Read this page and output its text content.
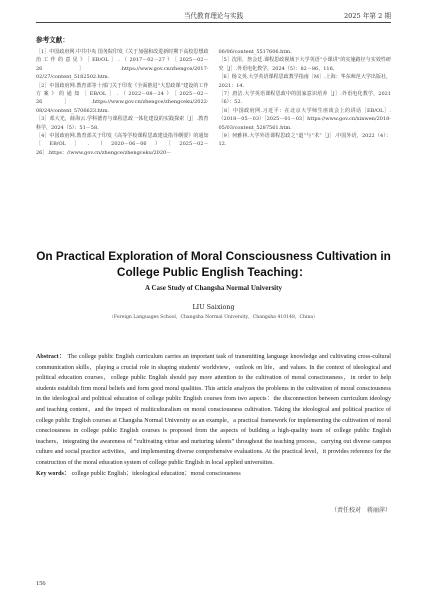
当代教育理论与实践	2025 年第 2 期
参考文献：
［1］中国政府网.中共中央 国务院印发《关于加强和改进新时期下高校思想政治工作的意见》［EB/OL］.（2017－02－27）［2025－02－26］.https://www.gov.cn/zhengce/2017-02/27/content_5182502.htm.
［2］中国政府网.教育部等十部门关于印发《全面推进“大思政课”建设的工作方案》的通知［EB/OL］.（2022－08－24）［2025－02－26］.https://www.gov.cn/zhengce/zhengceku/2022-08/24/content_5706623.htm.
［3］邓大光，薛海云.学科德育与课程思政一体化建设的实践探索［J］.教育科学，2024（5）：51－58.
［4］中国政府网.教育部关于印发《高等学校课程思政建设指导纲要》的通知［EB/OL］.（2020－06－06）［2025－02－26］.https：//www.gov.cn/zhengce/zhengceku/2020－
06/06/content_5517606.htm.
［5］沈彤，詹会廷.课程思政视域下大学英语“小课讲”的实施路径与实效性研究［J］.外语电化教学，2024（5）：82－86，116.
［6］杨文英.大学英语课程思政教学指南［M］.上海：华东师范大学出版社，2021：14.
［7］唐洁.大学英语课程思政中的国家意识培养［J］.外语电化教学，2021（6）：52.
［8］中国政府网.习近平：在北京大学师生座谈会上的讲话［EB/OL］.（2018－05－03）［2025－01－03］https://www.gov.cn/xinwen/2018-05/03/content_5287561.htm.
［9］何雅林.大学外语课程思政之“道”与“术”［J］.中国外语，2022（4）：12.
On Practical Exploration of Moral Consciousness Cultivation in College Public English Teaching：
A Case Study of Changsha Normal University
LIU Saixiong
（Foreign Languages School，Changsha Normal University，Changsha 410148，China）
Abstract： The college public English curriculum carries an important task of transmitting language knowledge and cultivating cross-cultural communication skills，playing a crucial role in shaping students' worldview，outlook on life，and values. In the context of ideological and political education courses，college public English should pay more attention to the cultivation of moral consciousness，in order to help students establish firm moral beliefs and form good moral qualities. This article analyzes the problems in the cultivation of moral consciousness in the ideological and political education of college public English courses from two aspects：the disconnection between curriculum ideology and teaching content，and the impact of multiculturalism on moral consciousness cultivation. Taking the ideological and political practice of college public English courses at Changsha Normal University as an example，a practical framework for implementing the cultivation of moral consciousness in college public English courses is proposed from the aspects of building a high-quality team of college public English teachers，integrating the awareness of “cultivating virtue and nurturing talents” throughout the teaching process，carrying out diverse campus culture and social practice activities，and implementing diverse comprehensive evaluations. At the practical level，it provides reference for the construction of the moral education system of college public English in local applied universities.
Key words： college public English；ideological education；moral consciousness
（责任校对　蒋丽萍）
156
